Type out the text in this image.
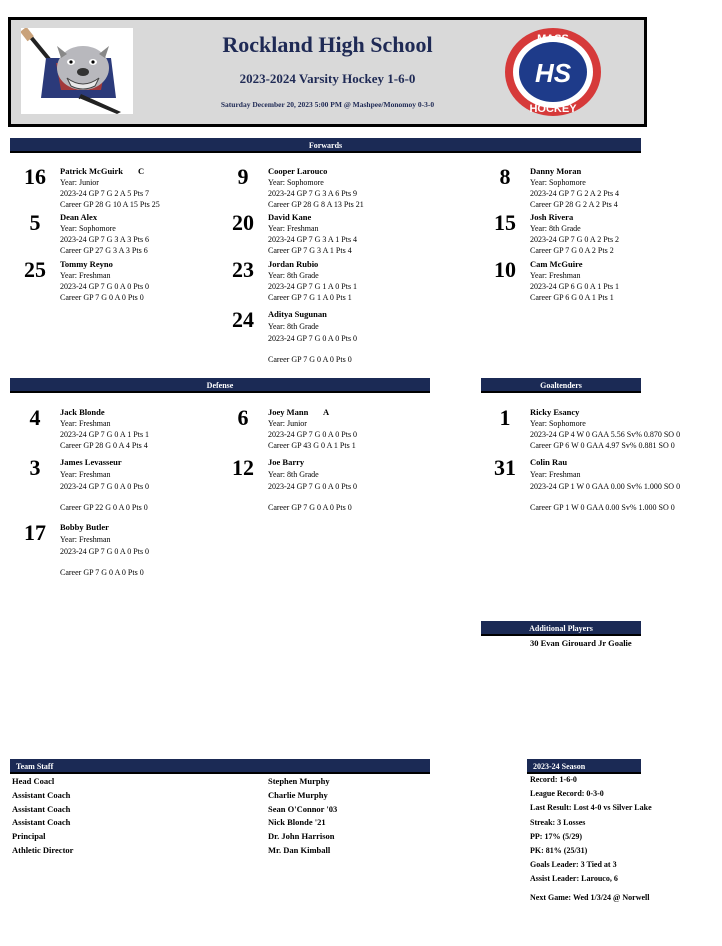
Rockland High School
2023-2024 Varsity Hockey 1-6-0
Saturday December 20, 2023 5:00 PM @ Mashpee/Monomoy 0-3-0
MASS
HS
HOCKEY
Forwards
Defense	Goaltenders
Additional Players
Team Staff	2023-24 Season
16	Patrick McGuirk C
Year: Junior
2023-24 GP 7 G 2 A 5 Pts 7
Career GP 28 G 10 A 15 Pts 25
9	Cooper Larouco
Year: Sophomore
2023-24 GP 7 G 3 A 6 Pts 9
Career GP 28 G 8 A 13 Pts 21
8	Danny Moran
Year: Sophomore
2023-24 GP 7 G 2 A 2 Pts 4
Career GP 28 G 2 A 2 Pts 4
5	Dean Alex
Year: Sophomore
2023-24 GP 7 G 3 A 3 Pts 6
Career GP 27 G 3 A 3 Pts 6
20	David Kane
Year: Freshman
2023-24 GP 7 G 3 A 1 Pts 4
Career GP 7 G 3 A 1 Pts 4
15	Josh Rivera
Year: 8th Grade
2023-24 GP 7 G 0 A 2 Pts 2
Career GP 7 G 0 A 2 Pts 2
25	Tommy Reyno
Year: Freshman
2023-24 GP 7 G 0 A 0 Pts 0
Career GP 7 G 0 A 0 Pts 0
23	Jordan Rubio
Year: 8th Grade
2023-24 GP 7 G 1 A 0 Pts 1
Career GP 7 G 1 A 0 Pts 1
10	Cam McGuire
Year: Freshman
2023-24 GP 6 G 0 A 1 Pts 1
Career GP 6 G 0 A 1 Pts 1
24	Aditya Sugunan
Year: 8th Grade
2023-24 GP 7 G 0 A 0 Pts 0
Career GP 7 G 0 A 0 Pts 0
4	Jack Blonde
Year: Freshman
2023-24 GP 7 G 0 A 1 Pts 1
Career GP 28 G 0 A 4 Pts 4
6	Joey Mann A
Year: Junior
2023-24 GP 7 G 0 A 0 Pts 0
Career GP 43 G 0 A 1 Pts 1
3	James Levasseur
Year: Freshman
2023-24 GP 7 G 0 A 0 Pts 0
Career GP 22 G 0 A 0 Pts 0
12	Joe Barry
Year: 8th Grade
2023-24 GP 7 G 0 A 0 Pts 0
Career GP 7 G 0 A 0 Pts 0
17	Bobby Butler
Year: Freshman
2023-24 GP 7 G 0 A 0 Pts 0
Career GP 7 G 0 A 0 Pts 0
1	Ricky Esancy
Year: Sophomore
2023-24 GP 4 W 0 GAA 5.56 Sv% 0.870 SO 0
Career GP 6 W 0 GAA 4.97 Sv% 0.881 SO 0
31	Colin Rau
Year: Freshman
2023-24 GP 1 W 0 GAA 0.00 Sv% 1.000 SO 0
Career GP 1 W 0 GAA 0.00 Sv% 1.000 SO 0
30 Evan Girouard Jr Goalie
Head Coacl	Stephen Murphy
Assistant Coach	Charlie Murphy
Assistant Coach	Sean O'Connor '03
Assistant Coach	Nick Blonde '21
Principal	Dr. John Harrison
Athletic Director	Mr. Dan Kimball
Record: 1-6-0
League Record: 0-3-0
Last Result: Lost 4-0 vs Silver Lake
Streak: 3 Losses
PP: 17% (5/29)
PK: 81% (25/31)
Goals Leader: 3 Tied at 3
Assist Leader: Larouco, 6
Next Game: Wed 1/3/24 @ Norwell
